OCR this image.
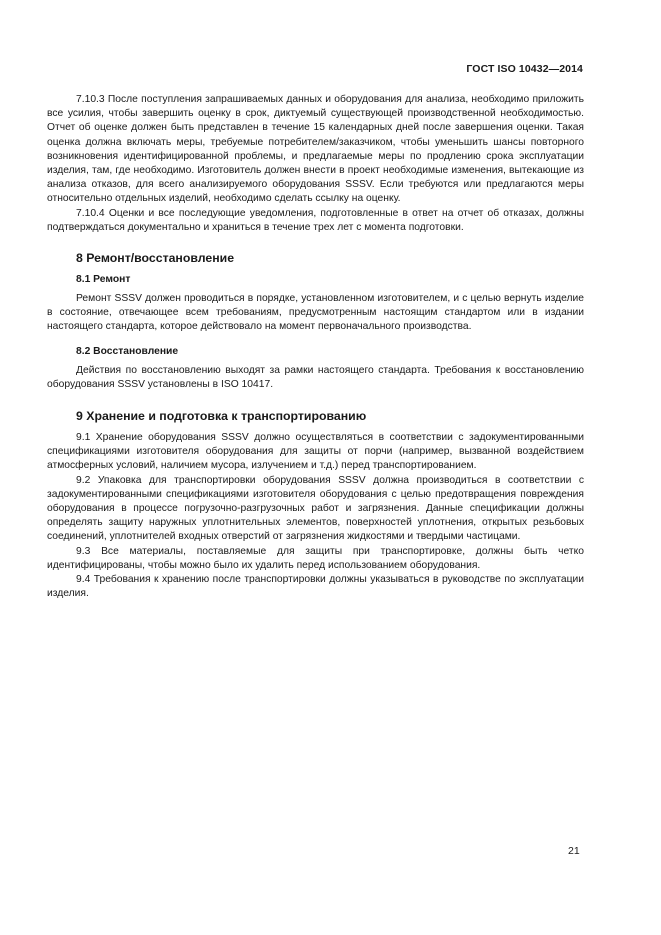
ГОСТ ISO 10432—2014

7.10.3 После поступления запрашиваемых данных и оборудования для анализа, необходимо приложить все усилия, чтобы завершить оценку в срок, диктуемый существующей производственной необходимостью. Отчет об оценке должен быть представлен в течение 15 календарных дней после завершения оценки. Такая оценка должна включать меры, требуемые потребителем/заказчиком, чтобы уменьшить шансы повторного возникновения идентифицированной проблемы, и предлагаемые меры по продлению срока эксплуатации изделия, там, где необходимо. Изготовитель должен внести в проект необходимые изменения, вытекающие из анализа отказов, для всего анализируемого оборудования SSSV. Если требуются или предлагаются меры относительно отдельных изделий, необходимо сделать ссылку на оценку.

7.10.4 Оценки и все последующие уведомления, подготовленные в ответ на отчет об отказах, должны подтверждаться документально и храниться в течение трех лет с момента подготовки.

8 Ремонт/восстановление
8.1 Ремонт

Ремонт SSSV должен проводиться в порядке, установленном изготовителем, и с целью вернуть изделие в состояние, отвечающее всем требованиям, предусмотренным настоящим стандартом или в издании настоящего стандарта, которое действовало на момент первоначального производства.

8.2 Восстановление

Действия по восстановлению выходят за рамки настоящего стандарта. Требования к восстановлению оборудования SSSV установлены в ISO 10417.

9 Хранение и подготовка к транспортированию

9.1 Хранение оборудования SSSV должно осуществляться в соответствии с задокументированными спецификациями изготовителя оборудования для защиты от порчи (например, вызванной воздействием атмосферных условий, наличием мусора, излучением и т.д.) перед транспортированием.

9.2 Упаковка для транспортировки оборудования SSSV должна производиться в соответствии с задокументированными спецификациями изготовителя оборудования с целью предотвращения повреждения оборудования в процессе погрузочно-разгрузочных работ и загрязнения. Данные спецификации должны определять защиту наружных уплотнительных элементов, поверхностей уплотнения, открытых резьбовых соединений, уплотнителей входных отверстий от загрязнения жидкостями и твердыми частицами.

9.3 Все материалы, поставляемые для защиты при транспортировке, должны быть четко идентифицированы, чтобы можно было их удалить перед использованием оборудования.

9.4 Требования к хранению после транспортировки должны указываться в руководстве по эксплуатации изделия.

21
